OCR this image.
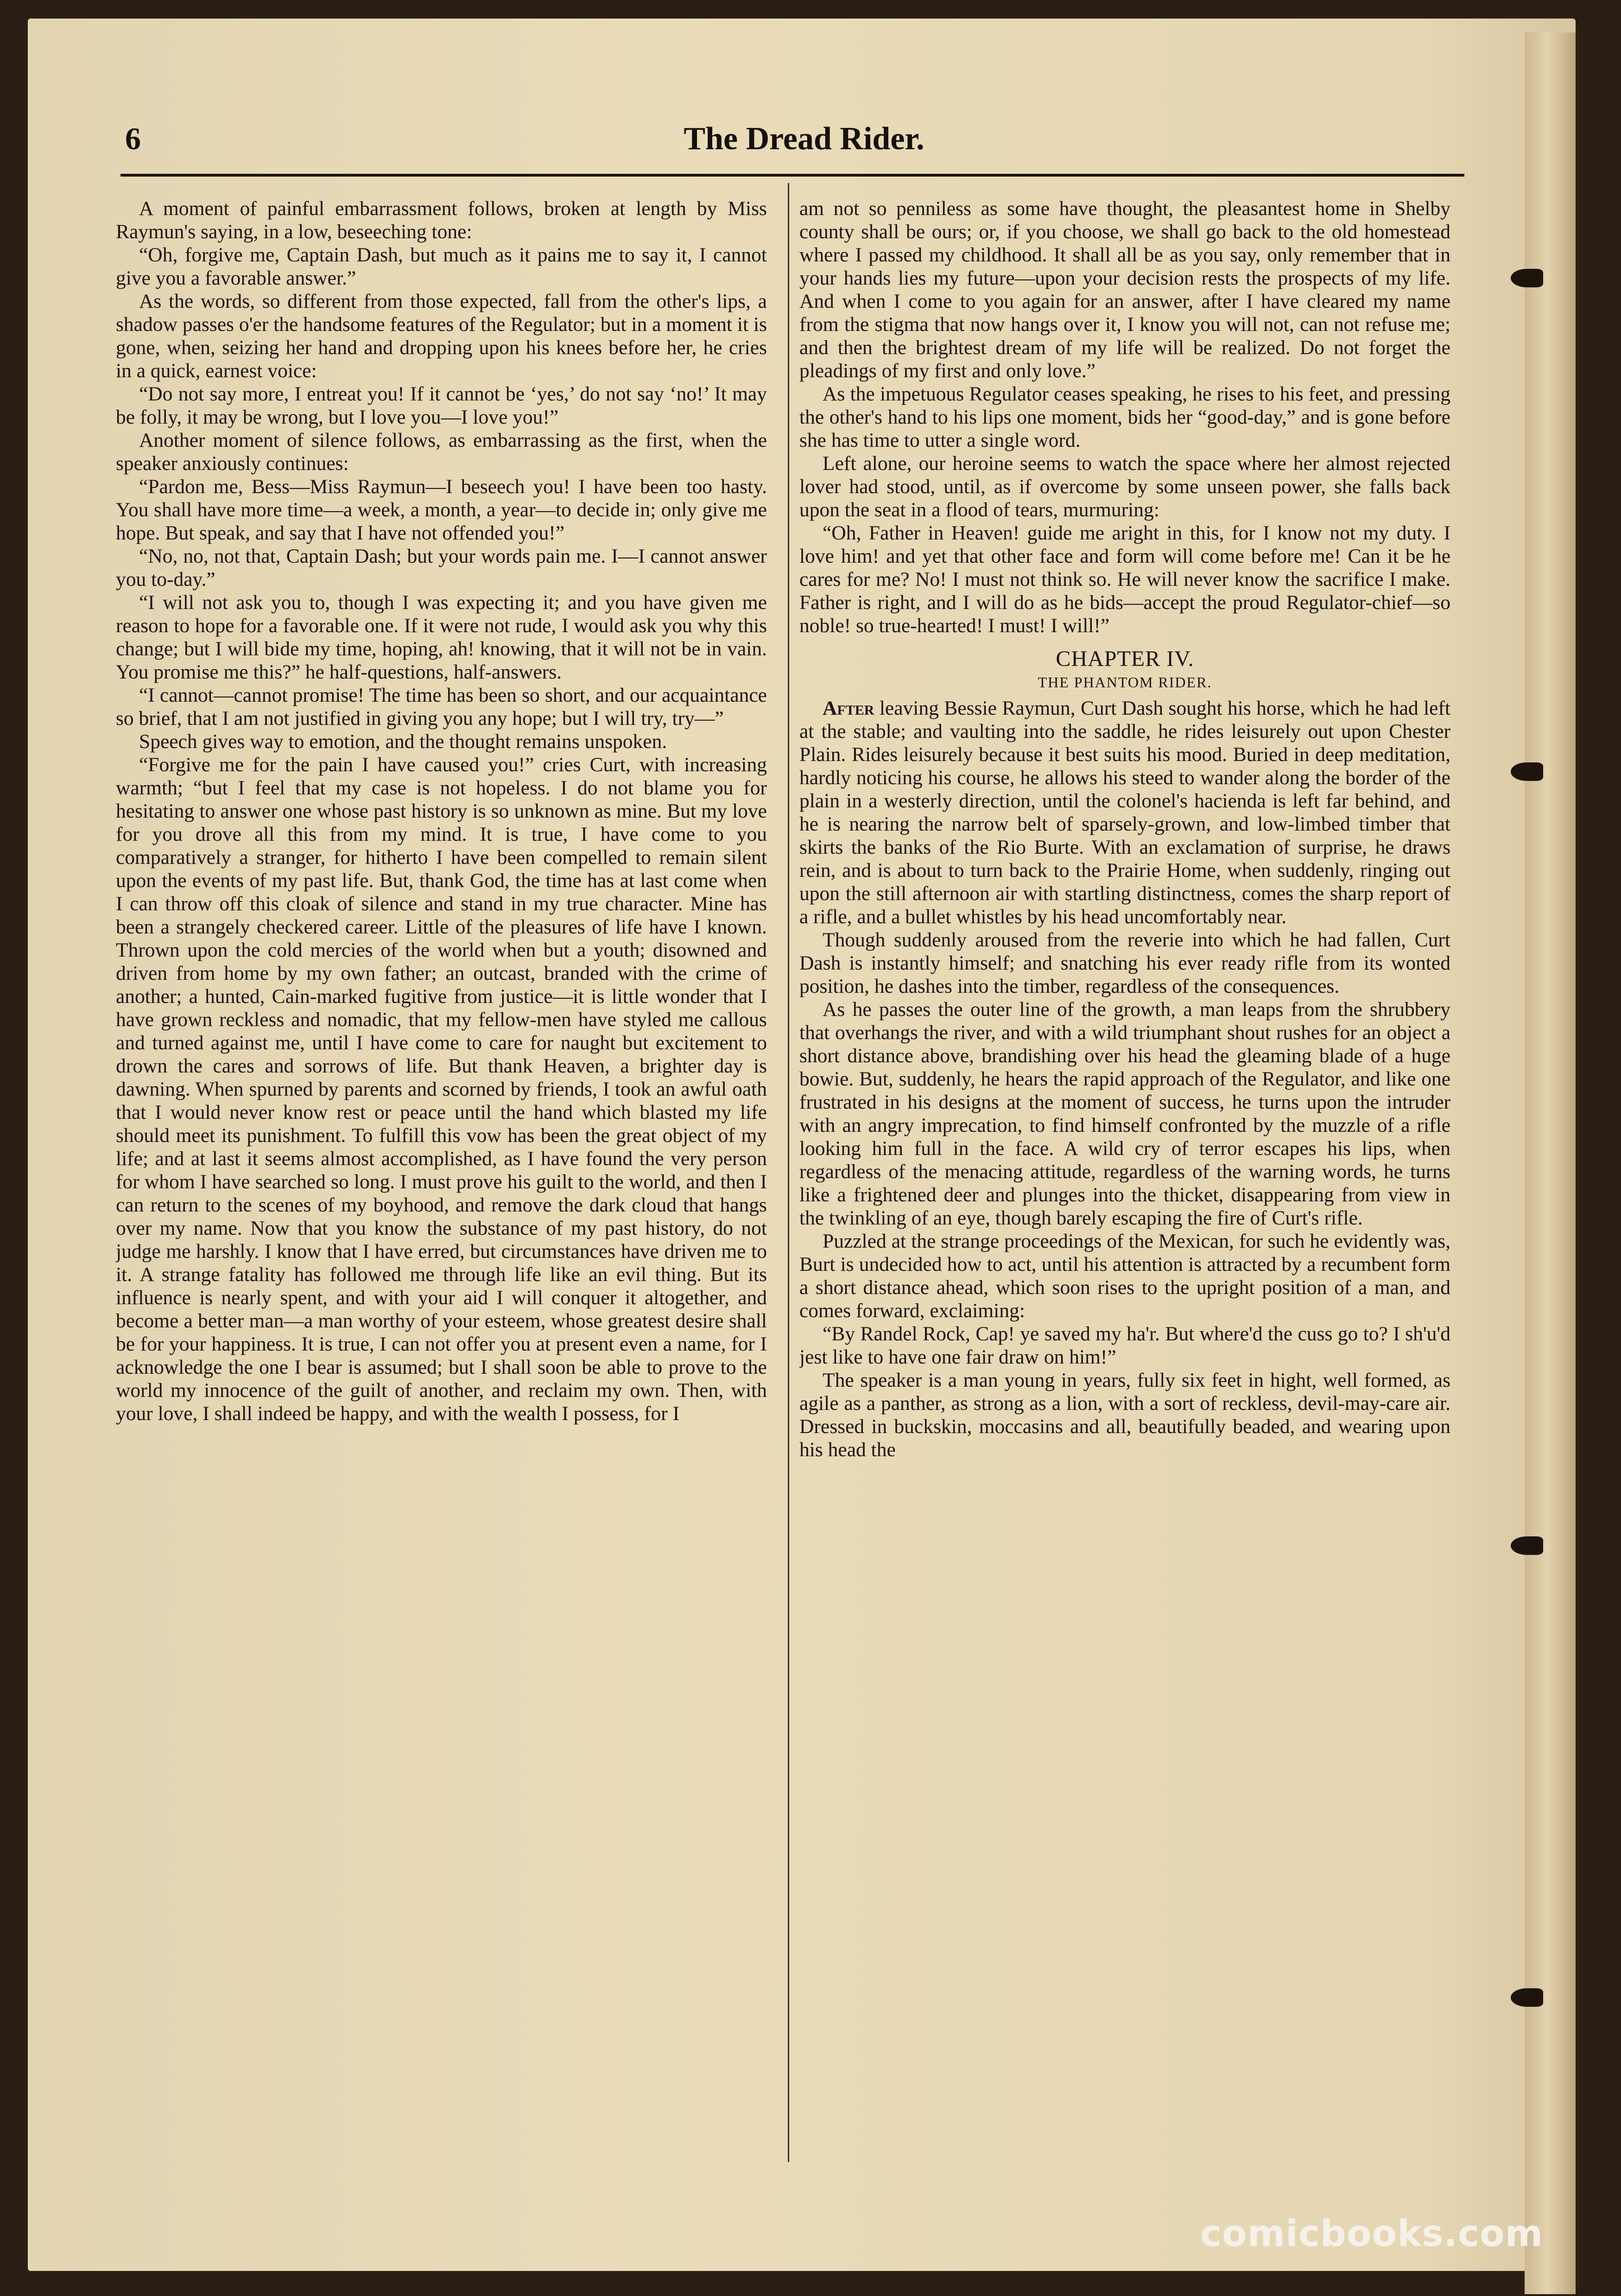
6	The Dread Rider.

A moment of painful embarrassment follows, broken at length by Miss Raymun's saying, in a low, beseeching tone:

“Oh, forgive me, Captain Dash, but much as it pains me to say it, I cannot give you a favorable answer.”

As the words, so different from those expected, fall from the other's lips, a shadow passes o'er the handsome features of the Regulator; but in a moment it is gone, when, seizing her hand and dropping upon his knees before her, he cries in a quick, earnest voice:

“Do not say more, I entreat you! If it cannot be ‘yes,’ do not say ‘no!’ It may be folly, it may be wrong, but I love you—I love you!”

Another moment of silence follows, as embarrassing as the first, when the speaker anxiously continues:

“Pardon me, Bess—Miss Raymun—I beseech you! I have been too hasty. You shall have more time—a week, a month, a year—to decide in; only give me hope. But speak, and say that I have not offended you!”

“No, no, not that, Captain Dash; but your words pain me. I—I cannot answer you to-day.”

“I will not ask you to, though I was expecting it; and you have given me reason to hope for a favorable one. If it were not rude, I would ask you why this change; but I will bide my time, hoping, ah! knowing, that it will not be in vain. You promise me this?” he half-questions, half-answers.

“I cannot—cannot promise! The time has been so short, and our acquaintance so brief, that I am not justified in giving you any hope; but I will try, try—”

Speech gives way to emotion, and the thought remains unspoken.

“Forgive me for the pain I have caused you!” cries Curt, with increasing warmth; “but I feel that my case is not hopeless. I do not blame you for hesitating to answer one whose past history is so unknown as mine. But my love for you drove all this from my mind. It is true, I have come to you comparatively a stranger, for hitherto I have been compelled to remain silent upon the events of my past life. But, thank God, the time has at last come when I can throw off this cloak of silence and stand in my true character. Mine has been a strangely checkered career. Little of the pleasures of life have I known. Thrown upon the cold mercies of the world when but a youth; disowned and driven from home by my own father; an outcast, branded with the crime of another; a hunted, Cain-marked fugitive from justice—it is little wonder that I have grown reckless and nomadic, that my fellow-men have styled me callous and turned against me, until I have come to care for naught but excitement to drown the cares and sorrows of life. But thank Heaven, a brighter day is dawning. When spurned by parents and scorned by friends, I took an awful oath that I would never know rest or peace until the hand which blasted my life should meet its punishment. To fulfill this vow has been the great object of my life; and at last it seems almost accomplished, as I have found the very person for whom I have searched so long. I must prove his guilt to the world, and then I can return to the scenes of my boyhood, and remove the dark cloud that hangs over my name. Now that you know the substance of my past history, do not judge me harshly. I know that I have erred, but circumstances have driven me to it. A strange fatality has followed me through life like an evil thing. But its influence is nearly spent, and with your aid I will conquer it altogether, and become a better man—a man worthy of your esteem, whose greatest desire shall be for your happiness. It is true, I can not offer you at present even a name, for I acknowledge the one I bear is assumed; but I shall soon be able to prove to the world my innocence of the guilt of another, and reclaim my own. Then, with your love, I shall indeed be happy, and with the wealth I possess, for I

am not so penniless as some have thought, the pleasantest home in Shelby county shall be ours; or, if you choose, we shall go back to the old homestead where I passed my childhood. It shall all be as you say, only remember that in your hands lies my future—upon your decision rests the prospects of my life. And when I come to you again for an answer, after I have cleared my name from the stigma that now hangs over it, I know you will not, can not refuse me; and then the brightest dream of my life will be realized. Do not forget the pleadings of my first and only love.”

As the impetuous Regulator ceases speaking, he rises to his feet, and pressing the other's hand to his lips one moment, bids her “good-day,” and is gone before she has time to utter a single word.

Left alone, our heroine seems to watch the space where her almost rejected lover had stood, until, as if overcome by some unseen power, she falls back upon the seat in a flood of tears, murmuring:

“Oh, Father in Heaven! guide me aright in this, for I know not my duty. I love him! and yet that other face and form will come before me! Can it be he cares for me? No! I must not think so. He will never know the sacrifice I make. Father is right, and I will do as he bids—accept the proud Regulator-chief—so noble! so true-hearted! I must! I will!”

CHAPTER IV.
THE PHANTOM RIDER.

After leaving Bessie Raymun, Curt Dash sought his horse, which he had left at the stable; and vaulting into the saddle, he rides leisurely out upon Chester Plain. Rides leisurely because it best suits his mood. Buried in deep meditation, hardly noticing his course, he allows his steed to wander along the border of the plain in a westerly direction, until the colonel's hacienda is left far behind, and he is nearing the narrow belt of sparsely-grown, and low-limbed timber that skirts the banks of the Rio Burte. With an exclamation of surprise, he draws rein, and is about to turn back to the Prairie Home, when suddenly, ringing out upon the still afternoon air with startling distinctness, comes the sharp report of a rifle, and a bullet whistles by his head uncomfortably near.

Though suddenly aroused from the reverie into which he had fallen, Curt Dash is instantly himself; and snatching his ever ready rifle from its wonted position, he dashes into the timber, regardless of the consequences.

As he passes the outer line of the growth, a man leaps from the shrubbery that overhangs the river, and with a wild triumphant shout rushes for an object a short distance above, brandishing over his head the gleaming blade of a huge bowie. But, suddenly, he hears the rapid approach of the Regulator, and like one frustrated in his designs at the moment of success, he turns upon the intruder with an angry imprecation, to find himself confronted by the muzzle of a rifle looking him full in the face. A wild cry of terror escapes his lips, when regardless of the menacing attitude, regardless of the warning words, he turns like a frightened deer and plunges into the thicket, disappearing from view in the twinkling of an eye, though barely escaping the fire of Curt's rifle.

Puzzled at the strange proceedings of the Mexican, for such he evidently was, Burt is undecided how to act, until his attention is attracted by a recumbent form a short distance ahead, which soon rises to the upright position of a man, and comes forward, exclaiming:

“By Randel Rock, Cap! ye saved my ha'r. But where'd the cuss go to? I sh'u'd jest like to have one fair draw on him!”

The speaker is a man young in years, fully six feet in hight, well formed, as agile as a panther, as strong as a lion, with a sort of reckless, devil-may-care air. Dressed in buckskin, moccasins and all, beautifully beaded, and wearing upon his head the

comicbooks.com
